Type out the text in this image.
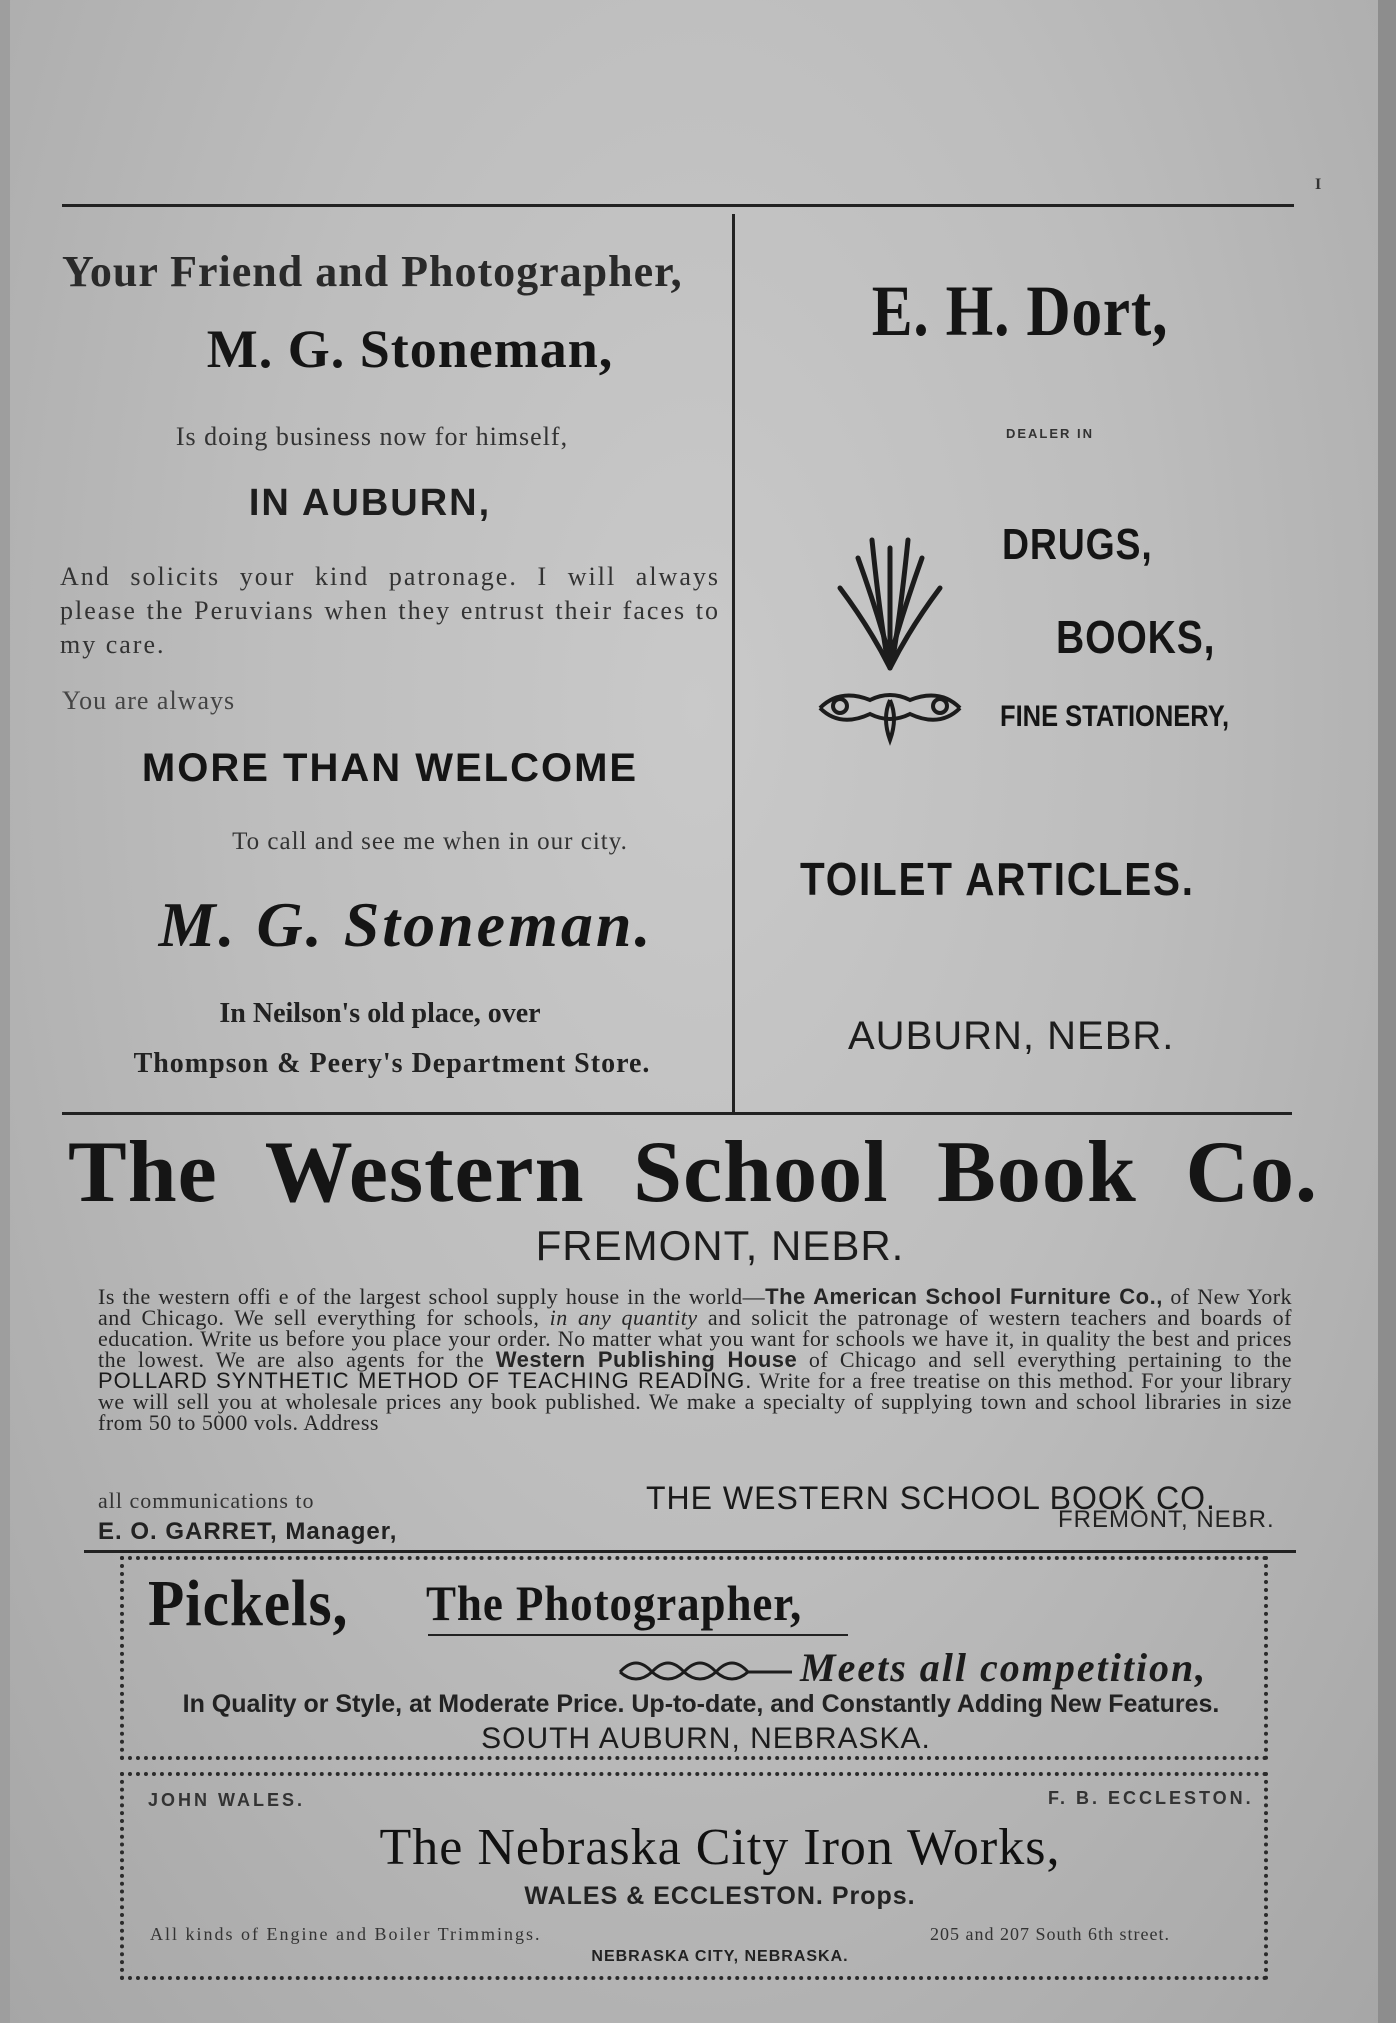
I
Your Friend and Photographer,
M. G. Stoneman,
Is doing business now for himself,
IN AUBURN,
And solicits your kind patronage. I will always please the Peruvians when they entrust their faces to my care.
You are always
MORE THAN WELCOME
To call and see me when in our city.
M. G. Stoneman.
In Neilson's old place, over
Thompson & Peery's Department Store.
E. H. Dort,
DEALER IN
DRUGS,
BOOKS,
FINE STATIONERY,
TOILET ARTICLES.
AUBURN, NEBR.
The Western School Book Co.
FREMONT, NEBR.
Is the western offi e of the largest school supply house in the world—The American School Furniture Co., of New York and Chicago. We sell everything for schools, in any quantity and solicit the patronage of western teachers and boards of education. Write us before you place your order. No matter what you want for schools we have it, in quality the best and prices the lowest. We are also agents for the Western Publishing House of Chicago and sell everything pertaining to the POLLARD SYNTHETIC METHOD OF TEACHING READING. Write for a free treatise on this method. For your library we will sell you at wholesale prices any book published. We make a specialty of supplying town and school libraries in size from 50 to 5000 vols. Address
all communications to	THE WESTERN SCHOOL BOOK CO.
E. O. GARRET, Manager,	FREMONT, NEBR.
Pickels, The Photographer,
Meets all competition,
In Quality or Style, at Moderate Price. Up-to-date, and Constantly Adding New Features.
SOUTH AUBURN, NEBRASKA.
JOHN WALES.	F. B. ECCLESTON.
The Nebraska City Iron Works,
WALES & ECCLESTON. Props.
All kinds of Engine and Boiler Trimmings.	205 and 207 South 6th street.
NEBRASKA CITY, NEBRASKA.
